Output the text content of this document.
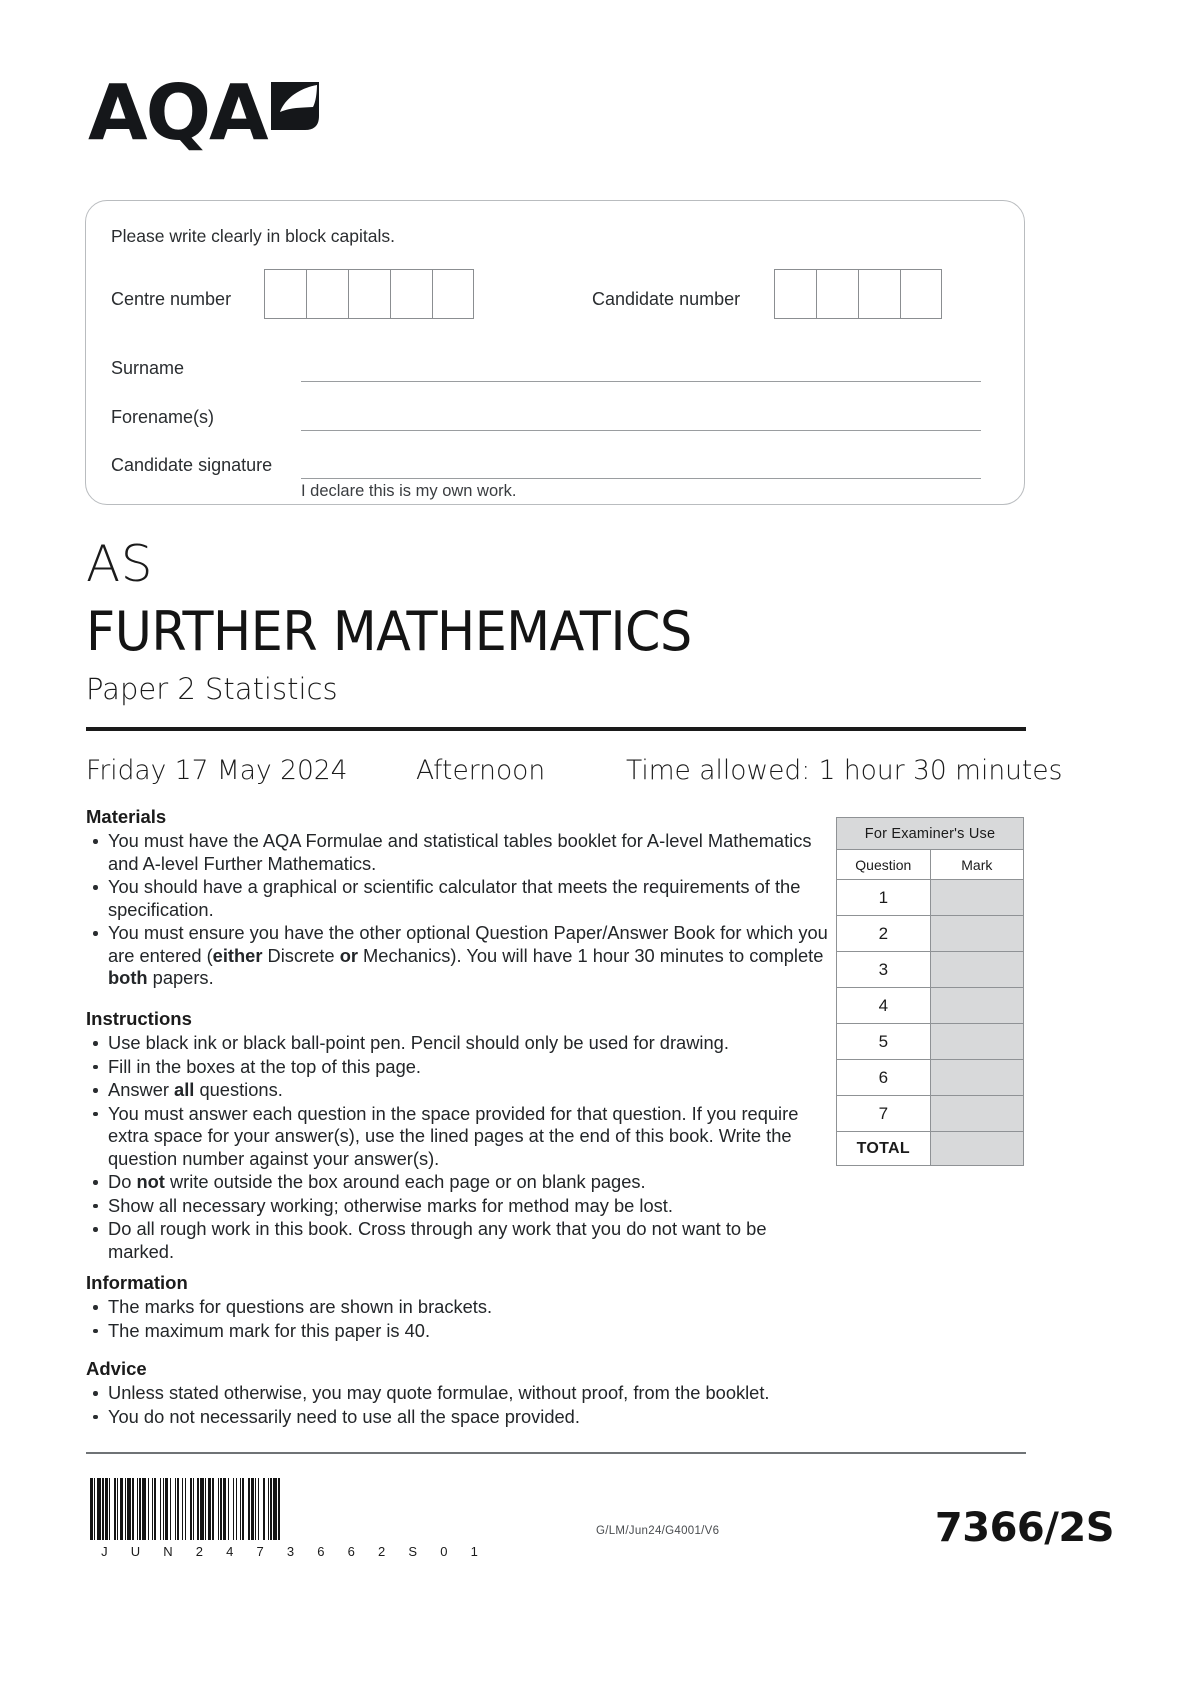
AQA
Please write clearly in block capitals.
Centre number	Candidate number
Surname
Forename(s)
Candidate signature
I declare this is my own work.
AS
FURTHER MATHEMATICS
Paper 2 Statistics
Friday 17 May 2024	Afternoon	Time allowed: 1 hour 30 minutes
Materials
You must have the AQA Formulae and statistical tables booklet for A-level Mathematics and A-level Further Mathematics.
You should have a graphical or scientific calculator that meets the requirements of the specification.
You must ensure you have the other optional Question Paper/Answer Book for which you are entered (either Discrete or Mechanics). You will have 1 hour 30 minutes to complete both papers.
Instructions
Use black ink or black ball-point pen. Pencil should only be used for drawing.
Fill in the boxes at the top of this page.
Answer all questions.
You must answer each question in the space provided for that question. If you require extra space for your answer(s), use the lined pages at the end of this book. Write the question number against your answer(s).
Do not write outside the box around each page or on blank pages.
Show all necessary working; otherwise marks for method may be lost.
Do all rough work in this book. Cross through any work that you do not want to be marked.
Information
The marks for questions are shown in brackets.
The maximum mark for this paper is 40.
Advice
Unless stated otherwise, you may quote formulae, without proof, from the booklet.
You do not necessarily need to use all the space provided.
For Examiner's Use	
Question	Mark
1	
2	
3	
4	
5	
6	
7	
TOTAL	
J U N 2 4 7 3 6 6 2 S 0 1
G/LM/Jun24/G4001/V6	7366/2S
